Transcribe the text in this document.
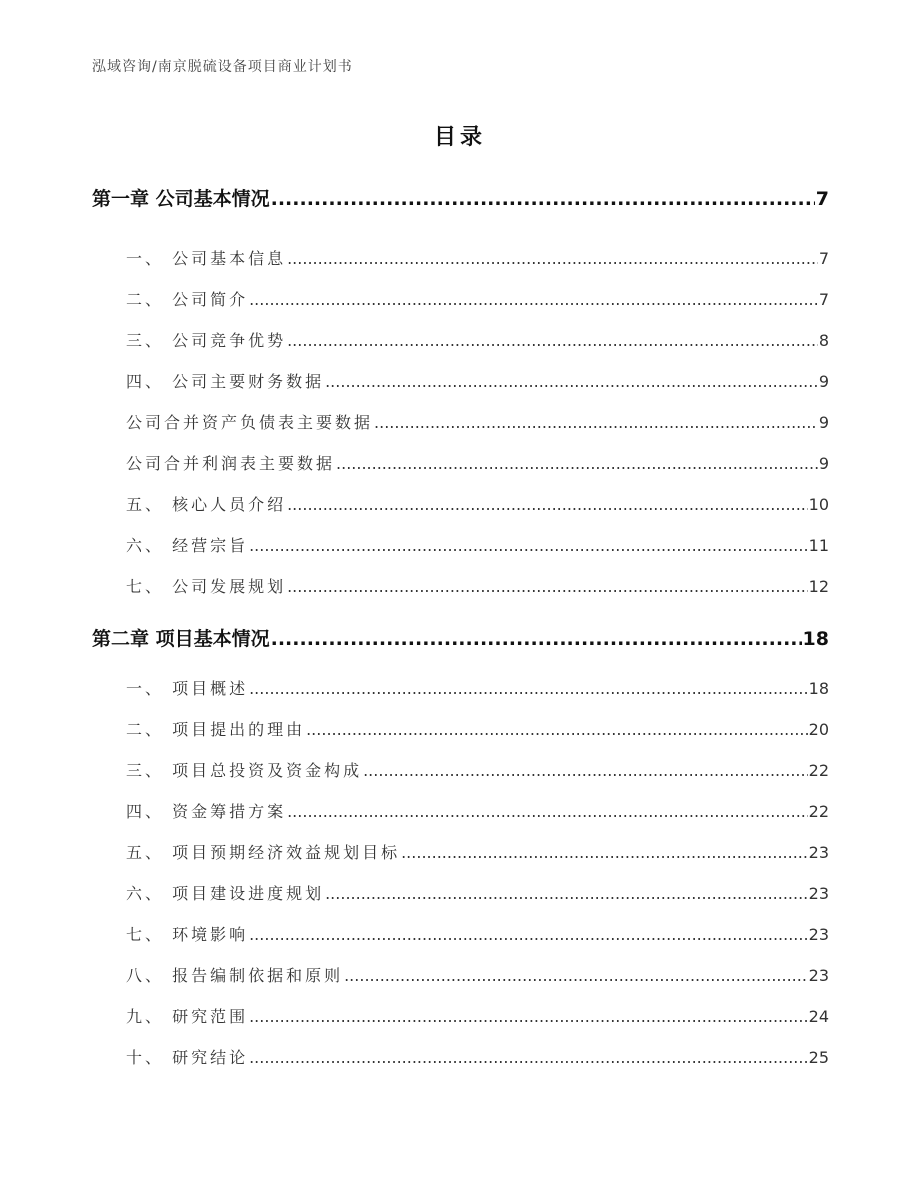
泓域咨询/南京脱硫设备项目商业计划书
目录
第一章 公司基本情况 .....	7
一、 公司基本信息 .....	7
二、 公司简介 .....	7
三、 公司竞争优势 .....	8
四、 公司主要财务数据 .....	9
公司合并资产负债表主要数据 .....	9
公司合并利润表主要数据 .....	9
五、 核心人员介绍 .....	10
六、 经营宗旨 .....	11
七、 公司发展规划 .....	12
第二章 项目基本情况 .....	18
一、 项目概述 .....	18
二、 项目提出的理由 .....	20
三、 项目总投资及资金构成 .....	22
四、 资金筹措方案 .....	22
五、 项目预期经济效益规划目标 .....	23
六、 项目建设进度规划 .....	23
七、 环境影响 .....	23
八、 报告编制依据和原则 .....	23
九、 研究范围 .....	24
十、 研究结论 .....	25
